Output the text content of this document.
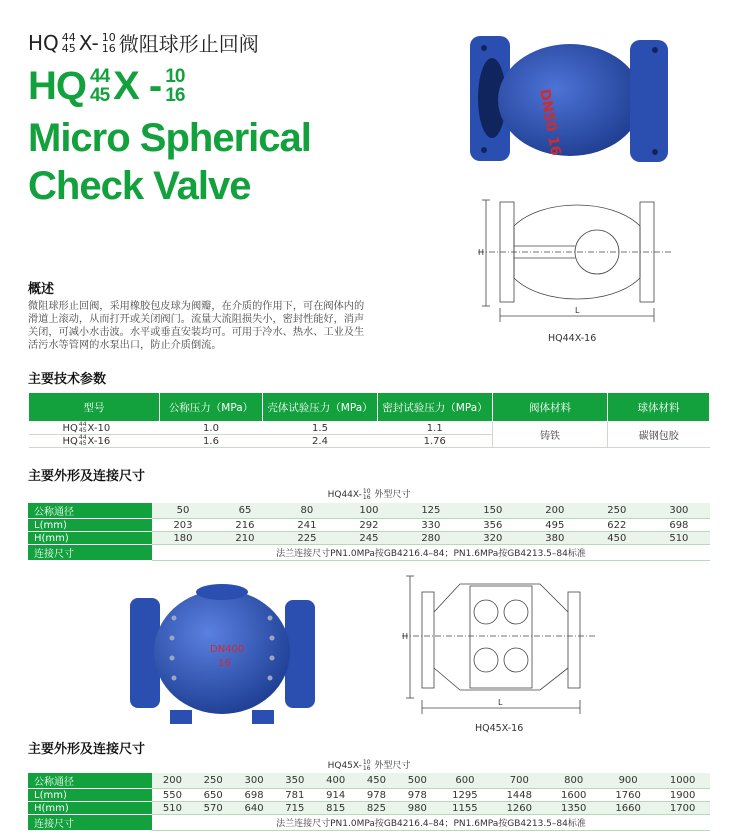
HQ 44
45 X- 10
16 微阻球形止回阀
HQ 44
45 X - 10
16
Micro Spherical
Check Valve
DN50 16
H
L
HQ44X-16
概述
微阻球形止回阀，采用橡胶包皮球为阀瓣，在介质的作用下，可在阀体内的滑道上滚动，从而打开或关闭阀门。流量大流阻损失小，密封性能好，消声关闭，可减小水击波。水平或垂直安装均可。可用于冷水、热水、工业及生活污水等管网的水泵出口，防止介质倒流。
主要技术参数
型号	公称压力（MPa）	壳体试验压力（MPa）	密封试验压力（MPa）	阀体材料	球体材料
HQ 44
45 X-10	1.0	1.5	1.1	铸铁	碳钢包胶
HQ 44
45 X-16	1.6	2.4	1.76		
主要外形及连接尺寸
HQ44X- 10
16 外型尺寸
公称通径	50	65	80	100	125	150	200	250	300
L(mm)	203	216	241	292	330	356	495	622	698
H(mm)	180	210	225	245	280	320	380	450	510
连接尺寸	法兰连接尺寸PN1.0MPa按GB4216.4–84；PN1.6MPa按GB4213.5–84标准								
DN400
16
H
L
HQ45X-16
主要外形及连接尺寸
HQ45X- 10
16 外型尺寸
公称通径	200	250	300	350	400	450	500	600	700	800	900	1000
L(mm)	550	650	698	781	914	978	978	1295	1448	1600	1760	1900
H(mm)	510	570	640	715	815	825	980	1155	1260	1350	1660	1700
连接尺寸	法兰连接尺寸PN1.0MPa按GB4216.4–84；PN1.6MPa按GB4213.5–84标准											
